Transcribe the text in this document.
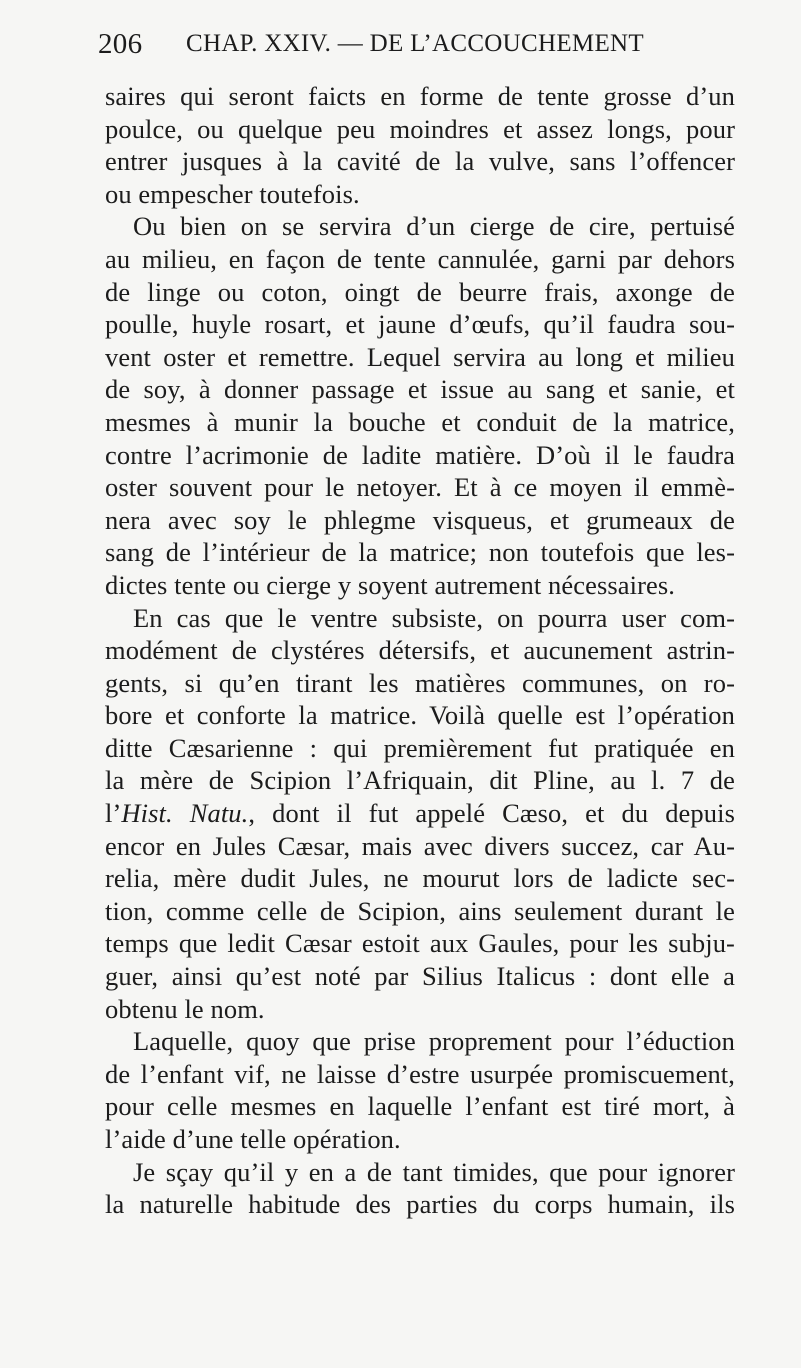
206 CHAP. XXIV. — DE L’ACCOUCHEMENT
saires qui seront faicts en forme de tente grosse d’un
poulce, ou quelque peu moindres et assez longs, pour
entrer jusques à la cavité de la vulve, sans l’offencer
ou empescher toutefois.
Ou bien on se servira d’un cierge de cire, pertuisé
au milieu, en façon de tente cannulée, garni par dehors
de linge ou coton, oingt de beurre frais, axonge de
poulle, huyle rosart, et jaune d’œufs, qu’il faudra sou-
vent oster et remettre. Lequel servira au long et milieu
de soy, à donner passage et issue au sang et sanie, et
mesmes à munir la bouche et conduit de la matrice,
contre l’acrimonie de ladite matière. D’où il le faudra
oster souvent pour le netoyer. Et à ce moyen il emmè-
nera avec soy le phlegme visqueus, et grumeaux de
sang de l’intérieur de la matrice; non toutefois que les-
dictes tente ou cierge y soyent autrement nécessaires.
En cas que le ventre subsiste, on pourra user com-
modément de clystéres détersifs, et aucunement astrin-
gents, si qu’en tirant les matières communes, on ro-
bore et conforte la matrice. Voilà quelle est l’opération
ditte Cæsarienne : qui premièrement fut pratiquée en
la mère de Scipion l’Afriquain, dit Pline, au l. 7 de
l’Hist. Natu., dont il fut appelé Cæso, et du depuis
encor en Jules Cæsar, mais avec divers succez, car Au-
relia, mère dudit Jules, ne mourut lors de ladicte sec-
tion, comme celle de Scipion, ains seulement durant le
temps que ledit Cæsar estoit aux Gaules, pour les subju-
guer, ainsi qu’est noté par Silius Italicus : dont elle a
obtenu le nom.
Laquelle, quoy que prise proprement pour l’éduction
de l’enfant vif, ne laisse d’estre usurpée promiscuement,
pour celle mesmes en laquelle l’enfant est tiré mort, à
l’aide d’une telle opération.
Je sçay qu’il y en a de tant timides, que pour ignorer
la naturelle habitude des parties du corps humain, ils
